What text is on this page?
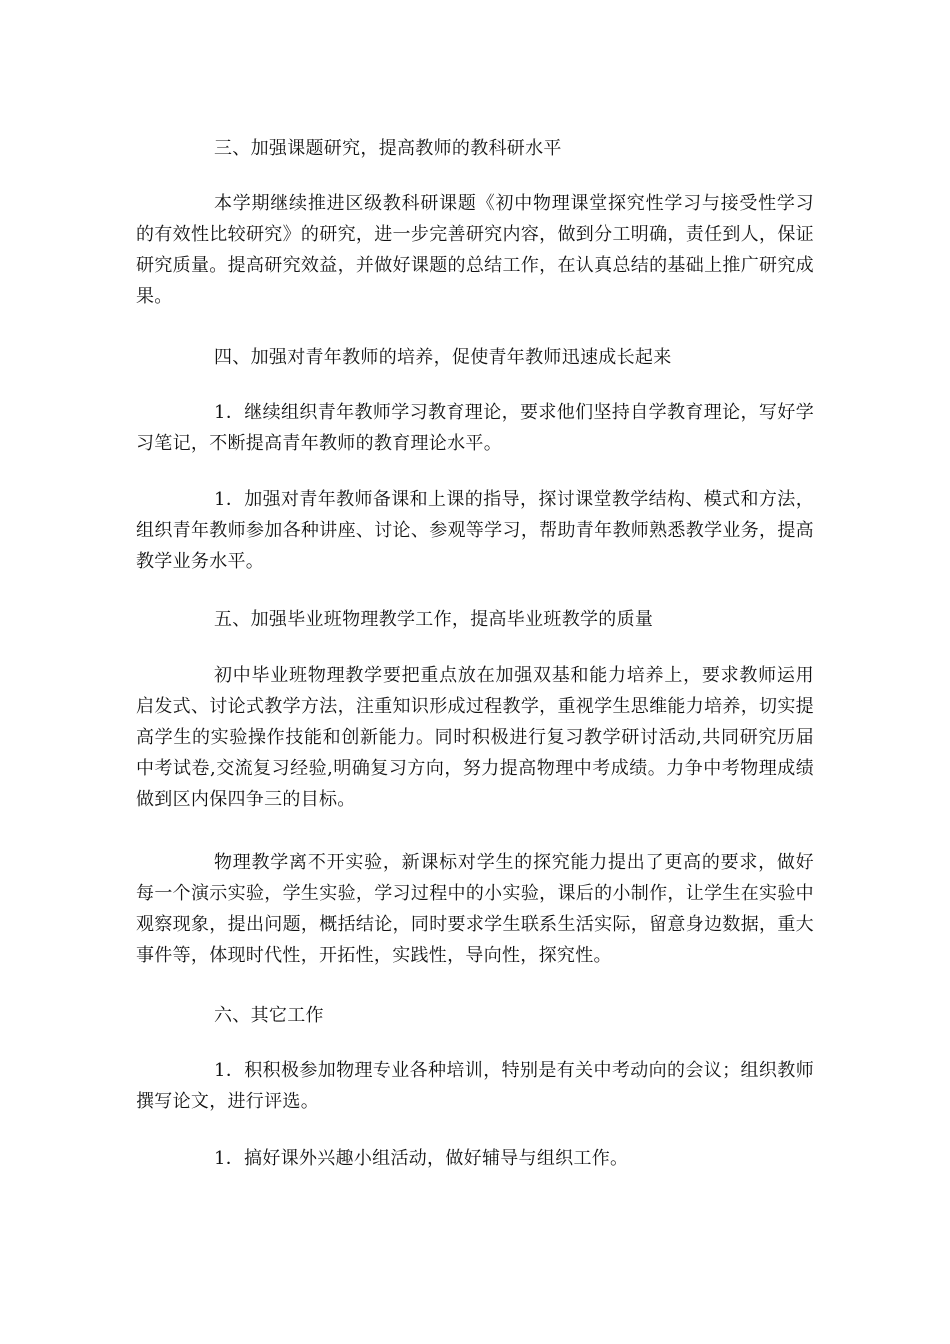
三、加强课题研究，提高教师的教科研水平

本学期继续推进区级教科研课题《初中物理课堂探究性学习与接受性学习的有效性比较研究》的研究，进一步完善研究内容，做到分工明确，责任到人，保证研究质量。提高研究效益，并做好课题的总结工作，在认真总结的基础上推广研究成果。

四、加强对青年教师的培养，促使青年教师迅速成长起来

1．继续组织青年教师学习教育理论，要求他们坚持自学教育理论，写好学习笔记，不断提高青年教师的教育理论水平。

1．加强对青年教师备课和上课的指导，探讨课堂教学结构、模式和方法，组织青年教师参加各种讲座、讨论、参观等学习，帮助青年教师熟悉教学业务，提高教学业务水平。

五、加强毕业班物理教学工作，提高毕业班教学的质量

初中毕业班物理教学要把重点放在加强双基和能力培养上，要求教师运用启发式、讨论式教学方法，注重知识形成过程教学，重视学生思维能力培养，切实提高学生的实验操作技能和创新能力。同时积极进行复习教学研讨活动,共同研究历届中考试卷,交流复习经验,明确复习方向，努力提高物理中考成绩。力争中考物理成绩做到区内保四争三的目标。

物理教学离不开实验，新课标对学生的探究能力提出了更高的要求，做好每一个演示实验，学生实验，学习过程中的小实验，课后的小制作，让学生在实验中观察现象，提出问题，概括结论，同时要求学生联系生活实际，留意身边数据，重大事件等，体现时代性，开拓性，实践性，导向性，探究性。

六、其它工作

1．积积极参加物理专业各种培训，特别是有关中考动向的会议；组织教师撰写论文，进行评选。

1．搞好课外兴趣小组活动，做好辅导与组织工作。
